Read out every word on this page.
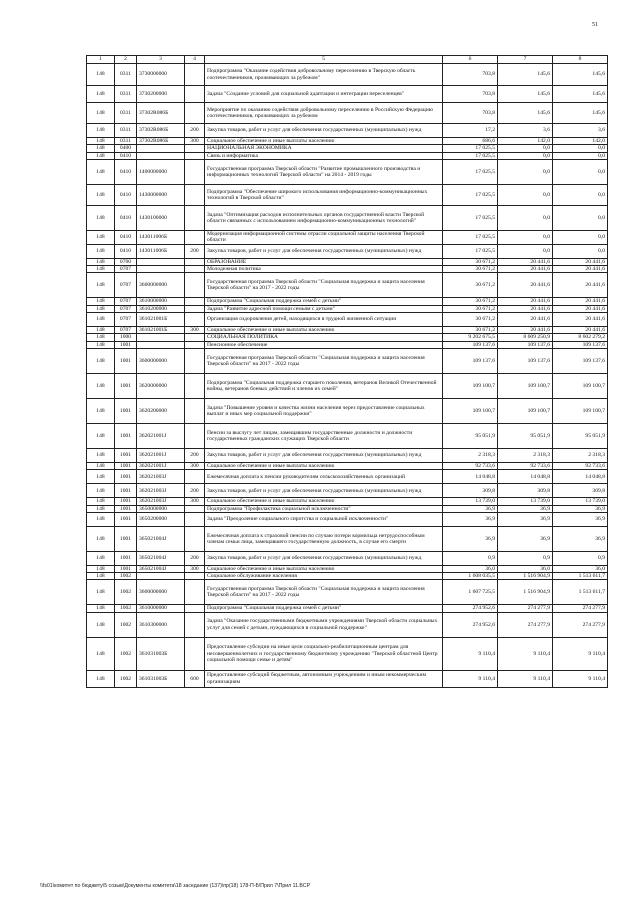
51
1	2	3	4	5	6	7	8
148	0311	3730000000		Подпрограмма "Оказание содействия добровольному переселению в Тверскую область соотечественников, проживающих за рубежом"	703,8	145,6	145,6
148	0311	3730200000		Задача "Создание условий для социальной адаптации и интеграции переселенцев"	703,8	145,6	145,6
148	0311	37302R086Б		Мероприятие по оказанию содействия добровольному переселению в Российскую Федерацию соотечественников, проживающих за рубежом	703,8	145,6	145,6
148	0311	37302R086Б	200	Закупка товаров, работ и услуг для обеспечения государственных (муниципальных) нужд	17,2	3,6	3,6
148	0311	37302R086Б	300	Социальное обеспечение и иные выплаты населению	686,6	142,0	142,0
148	0400			НАЦИОНАЛЬНАЯ ЭКОНОМИКА	17 025,5	0,0	0,0
148	0410			Связь и информатика	17 025,5	0,0	0,0
148	0410	1400000000		Государственная программа Тверской области "Развитие промышленного производства и информационных технологий Тверской области" на 2014 - 2019 годы	17 025,5	0,0	0,0
148	0410	1430000000		Подпрограмма "Обеспечение широкого использования информационно-коммуникационных технологий в Тверской области"	17 025,5	0,0	0,0
148	0410	1430100000		Задача "Оптимизация расходов исполнительных органов государственной власти Тверской области связанных с использованием информационно-коммуникационных технологий"	17 025,5	0,0	0,0
148	0410	143011006Б		Модернизация информационной системы отрасли социальной защиты населения Тверской области	17 025,5	0,0	0,0
148	0410	143011006Б	200	Закупка товаров, работ и услуг для обеспечения государственных (муниципальных) нужд	17 025,5	0,0	0,0
148	0700			ОБРАЗОВАНИЕ	30 671,2	20 441,6	20 441,6
148	0707			Молодежная политика	30 671,2	20 441,6	20 441,6
148	0707	3600000000		Государственная программа Тверской области "Социальная поддержка и защита населения Тверской области" на 2017 - 2022 годы	30 671,2	20 441,6	20 441,6
148	0707	3610000000		Подпрограмма "Социальная поддержка семей с детьми"	30 671,2	20 441,6	20 441,6
148	0707	3610200000		Задача "Развитие адресной помощи семьям с детьми"	30 671,2	20 441,6	20 441,6
148	0707	361021001Б		Организация оздоровления детей, находящихся в трудной жизненной ситуации	30 671,2	20 441,6	20 441,6
148	0707	361021001Б	300	Социальное обеспечение и иные выплаты населению	30 671,2	20 441,6	20 441,6
148	1000			СОЦИАЛЬНАЯ ПОЛИТИКА	9 202 675,5	8 609 250,9	8 602 279,2
148	1001			Пенсионное обеспечение	109 137,6	109 137,6	109 137,6
148	1001	3600000000		Государственная программа Тверской области "Социальная поддержка и защита населения Тверской области" на 2017 - 2022 годы	109 137,6	109 137,6	109 137,6
148	1001	3620000000		Подпрограмма "Социальная поддержка старшего поколения, ветеранов Великой Отечественной войны, ветеранов боевых действий и членов их семей"	109 100,7	109 100,7	109 100,7
148	1001	3620200000		Задача "Повышение уровня и качества жизни населения через предоставление социальных выплат и иных мер социальной поддержки"	109 100,7	109 100,7	109 100,7
148	1001	362021001J		Пенсии за выслугу лет лицам, замещавшим государственные должности и должности государственных гражданских служащих Тверской области	95 051,9	95 051,9	95 051,9
148	1001	362021001J	200	Закупка товаров, работ и услуг для обеспечения государственных (муниципальных) нужд	2 318,3	2 318,3	2 318,3
148	1001	362021001J	300	Социальное обеспечение и иные выплаты населению	92 733,6	92 733,6	92 733,6
148	1001	362021003J		Ежемесячная доплата к пенсии руководителям сельскохозяйственных организаций	14 048,8	14 048,8	14 048,8
148	1001	362021003J	200	Закупка товаров, работ и услуг для обеспечения государственных (муниципальных) нужд	309,8	309,8	309,8
148	1001	362021003J	300	Социальное обеспечение и иные выплаты населению	13 739,0	13 739,0	13 739,0
148	1001	3650000000		Подпрограмма "Профилактика социальной исключенности"	36,9	36,9	36,9
148	1001	3650200000		Задача "Преодоление социального сиротства и социальной исключенности"	36,9	36,9	36,9
148	1001	365021004J		Ежемесячная доплата к страховой пенсии по случаю потери кормильца нетрудоспособным членам семьи лица, замещавшего государственную должность, в случае его смерти	36,9	36,9	36,9
148	1001	365021004J	200	Закупка товаров, работ и услуг для обеспечения государственных (муниципальных) нужд	0,9	0,9	0,9
148	1001	365021004J	300	Социальное обеспечение и иные выплаты населению	36,0	36,0	36,0
148	1002			Социальное обслуживание населения	1 608 035,5	1 516 904,9	1 513 611,7
148	1002	3600000000		Государственная программа Тверской области "Социальная поддержка и защита населения Тверской области" на 2017 - 2022 годы	1 607 725,5	1 516 904,9	1 513 611,7
148	1002	3610000000		Подпрограмма "Социальная поддержка семей с детьми"	274 952,6	274 277,9	274 277,9
148	1002	3610300000		Задача "Оказание государственными бюджетными учреждениями Тверской области социальных услуг для семей с детьми, нуждающихся в социальной поддержке"	274 952,6	274 277,9	274 277,9
148	1002	361031003Б		Предоставление субсидии на иные цели социально-реабилитационным центрам для несовершеннолетних и государственному бюджетному учреждению "Тверской областной Центр социальной помощи семье и детям"	9 110,4	9 110,4	9 110,4
148	1002	361031003Б	600	Предоставление субсидий бюджетным, автономным учреждениям и иным некоммерческим организациям	9 110,4	9 110,4	9 110,4
\\fs01\комитет по бюджету\5 созыв\Документы комитета\18 заседание (137)\пр(18) 178-П-Б\Прил 7\Прил 11.BCP
